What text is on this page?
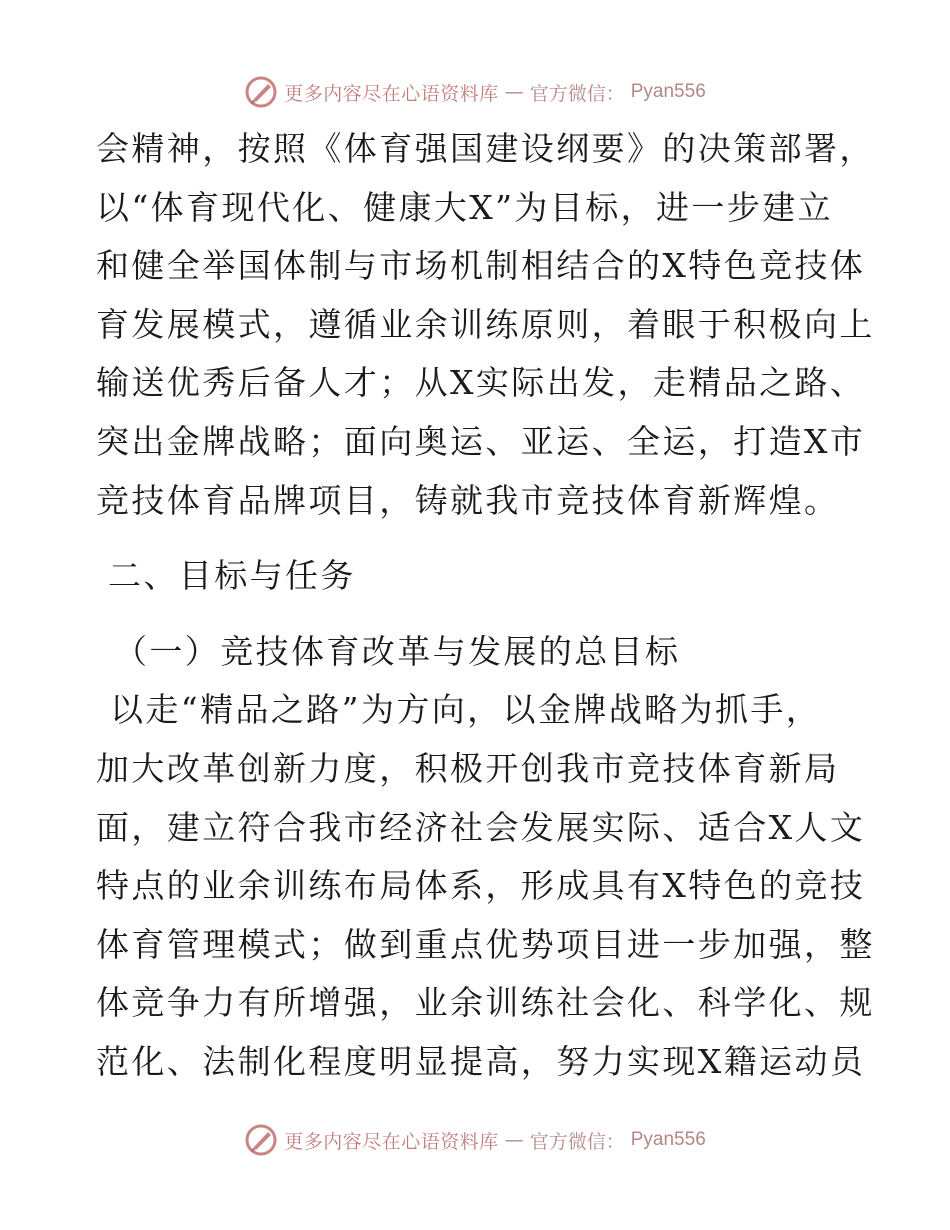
更多内容尽在心语资料库 — 官方微信： Pyan556
会精神，按照《体育强国建设纲要》的决策部署，
以“体育现代化、健康大X”为目标，进一步建立
和健全举国体制与市场机制相结合的X特色竞技体
育发展模式，遵循业余训练原则，着眼于积极向上
输送优秀后备人才；从X实际出发，走精品之路、
突出金牌战略；面向奥运、亚运、全运，打造X市
竞技体育品牌项目，铸就我市竞技体育新辉煌。
二、目标与任务
（一）竞技体育改革与发展的总目标
以走“精品之路”为方向，以金牌战略为抓手，
加大改革创新力度，积极开创我市竞技体育新局
面，建立符合我市经济社会发展实际、适合X人文
特点的业余训练布局体系，形成具有X特色的竞技
体育管理模式；做到重点优势项目进一步加强，整
体竞争力有所增强，业余训练社会化、科学化、规
范化、法制化程度明显提高，努力实现X籍运动员
更多内容尽在心语资料库 — 官方微信： Pyan556
